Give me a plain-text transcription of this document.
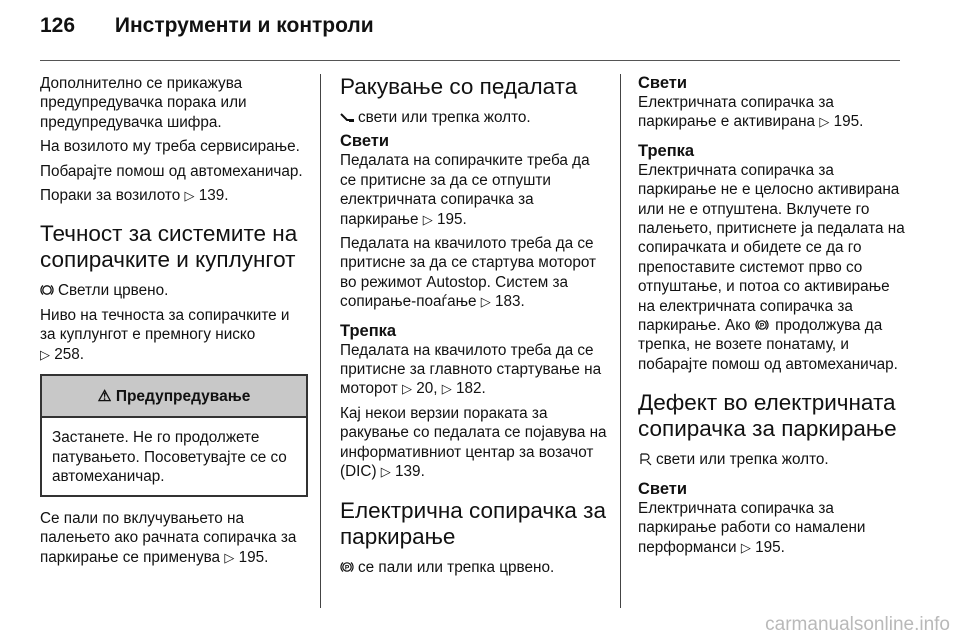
126 Инструменти и контроли

Дополнително се прикажува предупредувачка порака или предупредувачка шифра.

На возилото му треба сервисирање.

Побарајте помош од автомеханичар.

Пораки за возилото ▷ 139.

Течност за системите на сопирачките и куплунгот

Светли црвено.

Ниво на течноста за сопирачките и за куплунгот е премногу ниско
▷ 258.

⚠ Предупредување
Застанете. Не го продолжете патувањето. Посоветувајте се со автомеханичар.

Се пали по вклучувањето на палењето ако рачната сопирачка за паркирање се применува ▷ 195.

Ракување со педалата

свети или трепка жолто.

Свети

Педалата на сопирачките треба да се притисне за да се отпушти електричната сопирачка за паркирање ▷ 195.

Педалата на квачилото треба да се притисне за да се стартува моторот во режимот Autostop. Систем за сопирање-поаѓање ▷ 183.

Трепка

Педалата на квачилото треба да се притисне за главното стартување на моторот ▷ 20, ▷ 182.

Кај некои верзии пораката за ракување со педалата се појавува на информативниот центар за возачот (DIC) ▷ 139.

Електрична сопирачка за паркирање

P се пали или трепка црвено.

Свети

Електричната сопирачка за паркирање е активирана ▷ 195.

Трепка

Електричната сопирачка за паркирање не е целосно активирана или не е отпуштена. Вклучете го палењето, притиснете ја педалата на сопирачката и обидете се да го препоставите системот прво со отпуштање, и потоа со активирање на електричната сопирачка за паркирање. Ако P продолжува да трепка, не возете понатаму, и побарајте помош од автомеханичар.

Дефект во електричната сопирачка за паркирање

свети или трепка жолто.

Свети

Електричната сопирачка за паркирање работи со намалени перформанси ▷ 195.

carmanualsonline.info
